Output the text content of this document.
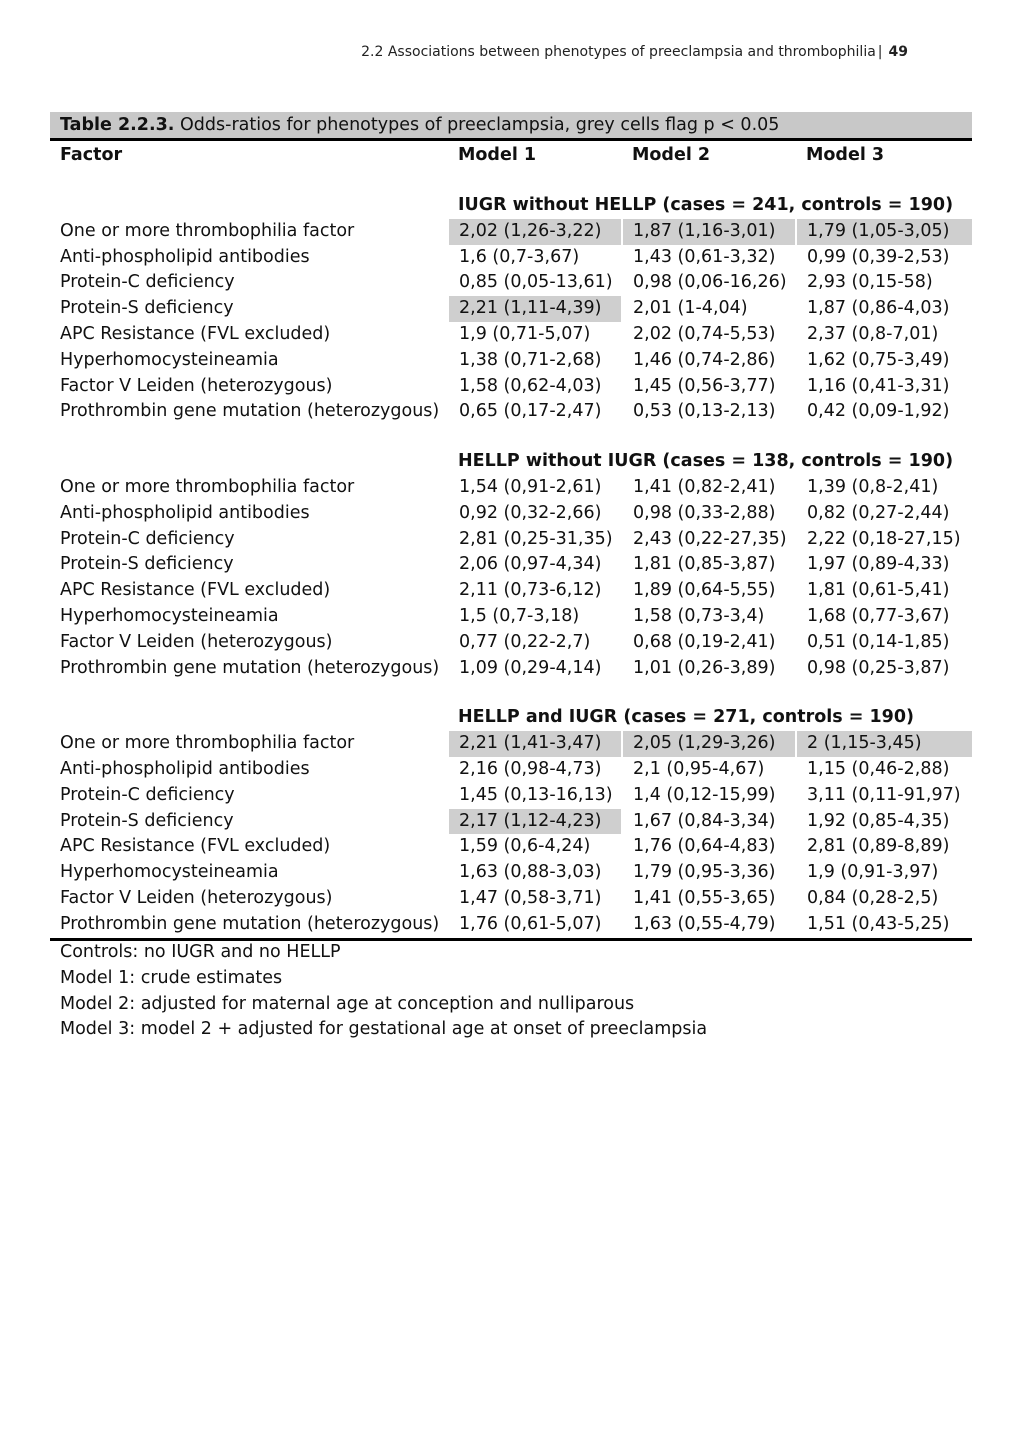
2.2 Associations between phenotypes of preeclampsia and thrombophilia | 49
Table 2.2.3. Odds-ratios for phenotypes of preeclampsia, grey cells flag p < 0.05
Factor	Model 1	Model 2	Model 3

	IUGR without HELLP (cases = 241, controls = 190)		
One or more thrombophilia factor	2,02 (1,26-3,22)	1,87 (1,16-3,01)	1,79 (1,05-3,05)
Anti-phospholipid antibodies	1,6 (0,7-3,67)	1,43 (0,61-3,32)	0,99 (0,39-2,53)
Protein-C deficiency	0,85 (0,05-13,61)	0,98 (0,06-16,26)	2,93 (0,15-58)
Protein-S deficiency	2,21 (1,11-4,39)	2,01 (1-4,04)	1,87 (0,86-4,03)
APC Resistance (FVL excluded)	1,9 (0,71-5,07)	2,02 (0,74-5,53)	2,37 (0,8-7,01)
Hyperhomocysteineamia	1,38 (0,71-2,68)	1,46 (0,74-2,86)	1,62 (0,75-3,49)
Factor V Leiden (heterozygous)	1,58 (0,62-4,03)	1,45 (0,56-3,77)	1,16 (0,41-3,31)
Prothrombin gene mutation (heterozygous)	0,65 (0,17-2,47)	0,53 (0,13-2,13)	0,42 (0,09-1,92)

	HELLP without IUGR (cases = 138, controls = 190)		
One or more thrombophilia factor	1,54 (0,91-2,61)	1,41 (0,82-2,41)	1,39 (0,8-2,41)
Anti-phospholipid antibodies	0,92 (0,32-2,66)	0,98 (0,33-2,88)	0,82 (0,27-2,44)
Protein-C deficiency	2,81 (0,25-31,35)	2,43 (0,22-27,35)	2,22 (0,18-27,15)
Protein-S deficiency	2,06 (0,97-4,34)	1,81 (0,85-3,87)	1,97 (0,89-4,33)
APC Resistance (FVL excluded)	2,11 (0,73-6,12)	1,89 (0,64-5,55)	1,81 (0,61-5,41)
Hyperhomocysteineamia	1,5 (0,7-3,18)	1,58 (0,73-3,4)	1,68 (0,77-3,67)
Factor V Leiden (heterozygous)	0,77 (0,22-2,7)	0,68 (0,19-2,41)	0,51 (0,14-1,85)
Prothrombin gene mutation (heterozygous)	1,09 (0,29-4,14)	1,01 (0,26-3,89)	0,98 (0,25-3,87)

	HELLP and IUGR (cases = 271, controls = 190)		
One or more thrombophilia factor	2,21 (1,41-3,47)	2,05 (1,29-3,26)	2 (1,15-3,45)
Anti-phospholipid antibodies	2,16 (0,98-4,73)	2,1 (0,95-4,67)	1,15 (0,46-2,88)
Protein-C deficiency	1,45 (0,13-16,13)	1,4 (0,12-15,99)	3,11 (0,11-91,97)
Protein-S deficiency	2,17 (1,12-4,23)	1,67 (0,84-3,34)	1,92 (0,85-4,35)
APC Resistance (FVL excluded)	1,59 (0,6-4,24)	1,76 (0,64-4,83)	2,81 (0,89-8,89)
Hyperhomocysteineamia	1,63 (0,88-3,03)	1,79 (0,95-3,36)	1,9 (0,91-3,97)
Factor V Leiden (heterozygous)	1,47 (0,58-3,71)	1,41 (0,55-3,65)	0,84 (0,28-2,5)
Prothrombin gene mutation (heterozygous)	1,76 (0,61-5,07)	1,63 (0,55-4,79)	1,51 (0,43-5,25)
Controls: no IUGR and no HELLP
Model 1: crude estimates
Model 2: adjusted for maternal age at conception and nulliparous
Model 3: model 2 + adjusted for gestational age at onset of preeclampsia
